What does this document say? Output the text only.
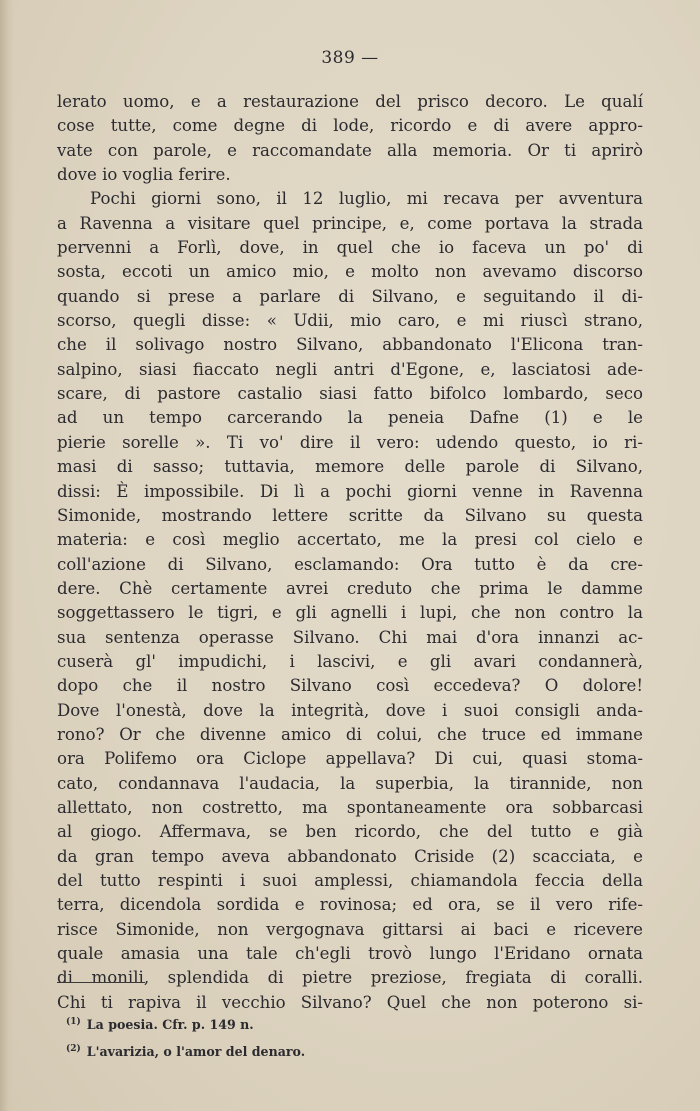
389 —
lerato uomo, e a restaurazione del prisco decoro. Le qualí
cose tutte, come degne di lode, ricordo e di avere appro-
vate con parole, e raccomandate alla memoria. Or ti aprirò
dove io voglia ferire.
Pochi giorni sono, il 12 luglio, mi recava per avventura
a Ravenna a visitare quel principe, e, come portava la strada
pervenni a Forlì, dove, in quel che io faceva un po' di
sosta, eccoti un amico mio, e molto non avevamo discorso
quando si prese a parlare di Silvano, e seguitando il di-
scorso, quegli disse: « Udii, mio caro, e mi riuscì strano,
che il solivago nostro Silvano, abbandonato l'Elicona tran-
salpino, siasi fiaccato negli antri d'Egone, e, lasciatosi ade-
scare, di pastore castalio siasi fatto bifolco lombardo, seco
ad un tempo carcerando la peneia Dafne (1) e le
pierie sorelle ». Ti vo' dire il vero: udendo questo, io ri-
masi di sasso; tuttavia, memore delle parole di Silvano,
dissi: È impossibile. Di lì a pochi giorni venne in Ravenna
Simonide, mostrando lettere scritte da Silvano su questa
materia: e così meglio accertato, me la presi col cielo e
coll'azione di Silvano, esclamando: Ora tutto è da cre-
dere. Chè certamente avrei creduto che prima le damme
soggettassero le tigri, e gli agnelli i lupi, che non contro la
sua sentenza operasse Silvano. Chi mai d'ora innanzi ac-
cuserà gl' impudichi, i lascivi, e gli avari condannerà,
dopo che il nostro Silvano così eccedeva? O dolore!
Dove l'onestà, dove la integrità, dove i suoi consigli anda-
rono? Or che divenne amico di colui, che truce ed immane
ora Polifemo ora Ciclope appellava? Di cui, quasi stoma-
cato, condannava l'audacia, la superbia, la tirannide, non
allettato, non costretto, ma spontaneamente ora sobbarcasi
al giogo. Affermava, se ben ricordo, che del tutto e già
da gran tempo aveva abbandonato Criside (2) scacciata, e
del tutto respinti i suoi amplessi, chiamandola feccia della
terra, dicendola sordida e rovinosa; ed ora, se il vero rife-
risce Simonide, non vergognava gittarsi ai baci e ricevere
quale amasia una tale ch'egli trovò lungo l'Eridano ornata
di monili, splendida di pietre preziose, fregiata di coralli.
Chi ti rapiva il vecchio Silvano? Quel che non poterono si-
$^{(1)}$ La poesia. Cfr. p. 149 n.
$^{(2)}$ L'avarizia, o l'amor del denaro.
